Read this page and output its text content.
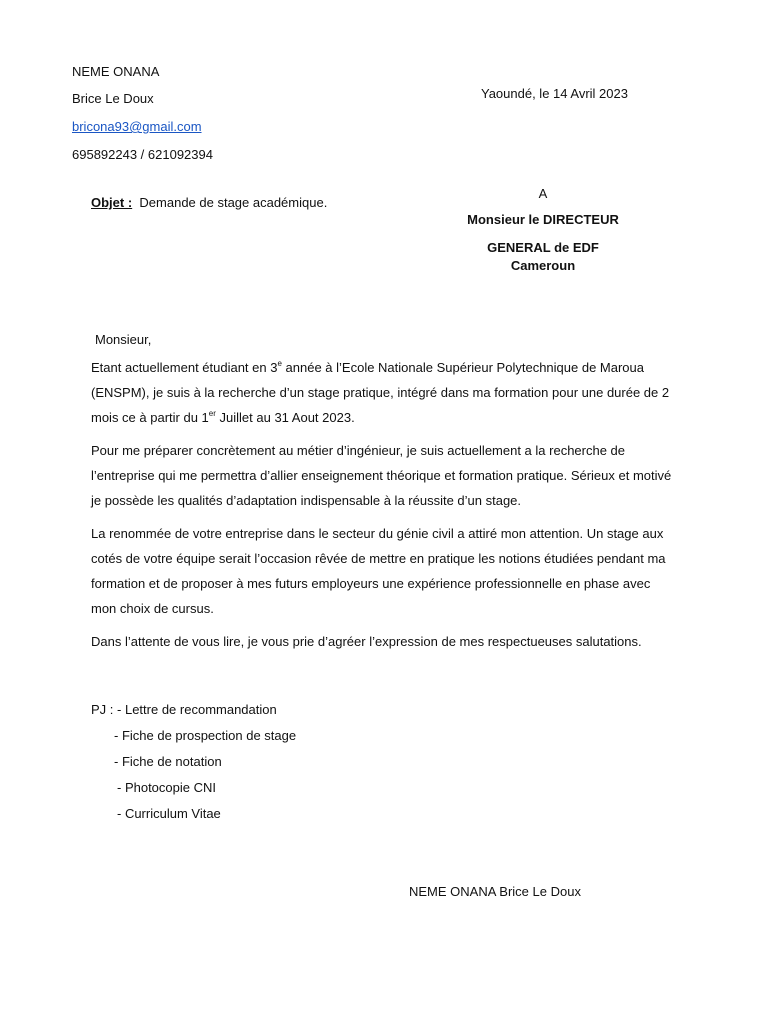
NEME ONANA
Brice Le Doux
bricona93@gmail.com
695892243 / 621092394
Yaoundé, le 14 Avril 2023
Objet : Demande de stage académique.
A
Monsieur le DIRECTEUR
GENERAL de EDF
Cameroun
Monsieur,
Etant actuellement étudiant en 3e année à l’Ecole Nationale Supérieur Polytechnique de Maroua (ENSPM), je suis à la recherche d’un stage pratique, intégré dans ma formation pour une durée de 2 mois ce à partir du 1er Juillet au 31 Aout 2023.
Pour me préparer concrètement au métier d’ingénieur, je suis actuellement a la recherche de l’entreprise qui me permettra d’allier enseignement théorique et formation pratique. Sérieux et motivé je possède les qualités d’adaptation indispensable à la réussite d’un stage.
La renommée de votre entreprise dans le secteur du génie civil a attiré mon attention. Un stage aux cotés de votre équipe serait l’occasion rêvée de mettre en pratique les notions étudiées pendant ma formation et de proposer à mes futurs employeurs une expérience professionnelle en phase avec mon choix de cursus.
Dans l’attente de vous lire, je vous prie d’agréer l’expression de mes respectueuses salutations.
PJ : - Lettre de recommandation
- Fiche de prospection de stage
- Fiche de notation
- Photocopie CNI
- Curriculum Vitae
NEME ONANA Brice Le Doux
